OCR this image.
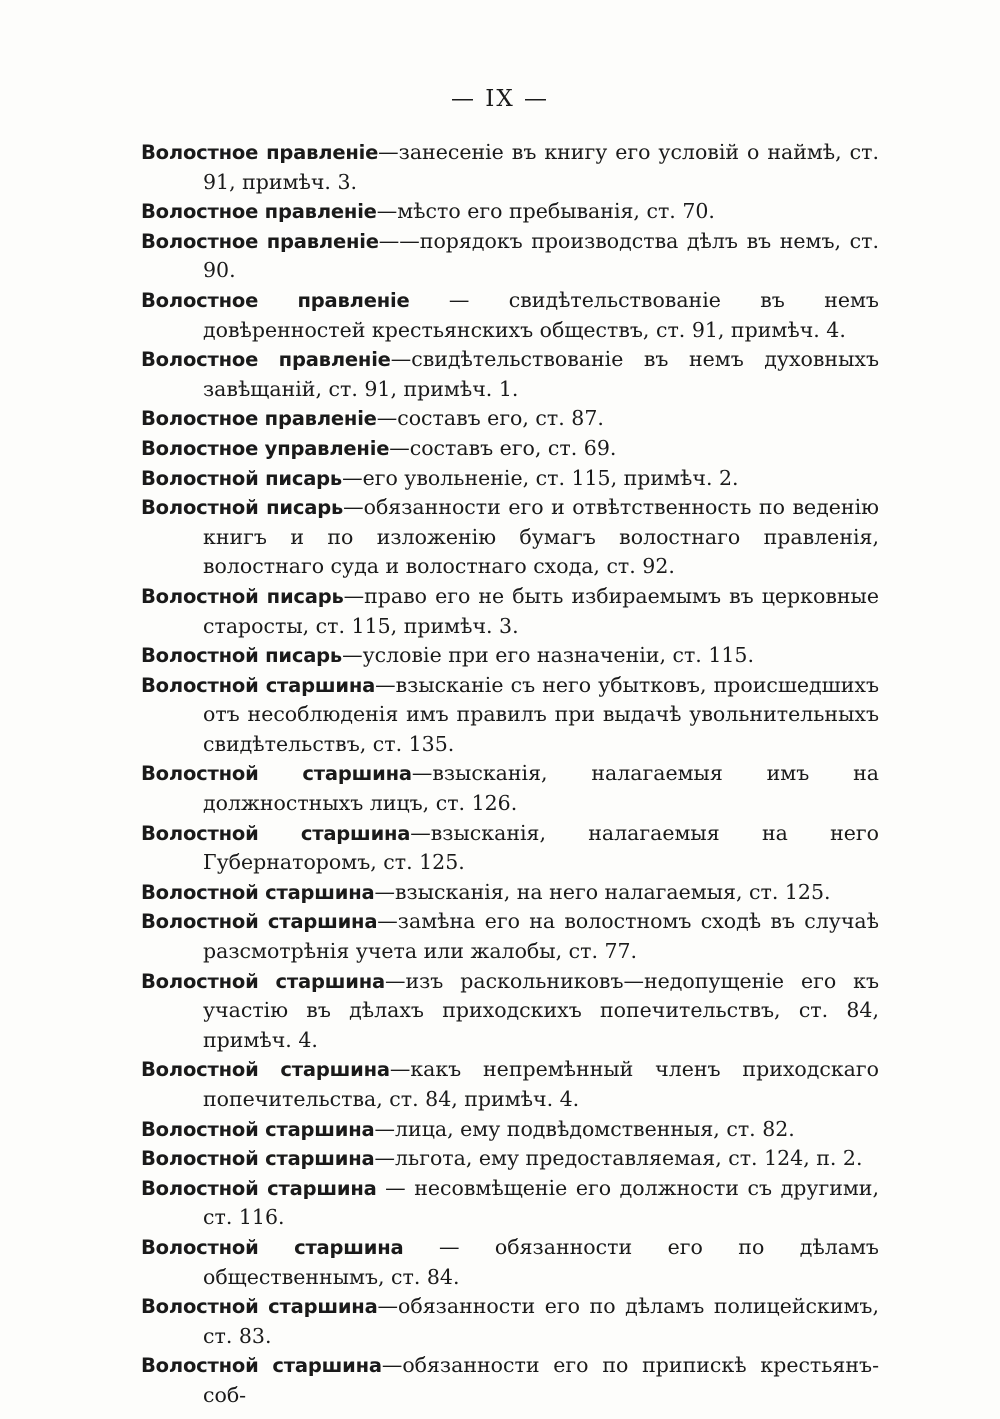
— IX —
Волостное правленіе—занесеніе въ книгу его условій о наймѣ, ст. 91, примѣч. 3.
Волостное правленіе—мѣсто его пребыванія, ст. 70.
Волостное правленіе——порядокъ производства дѣлъ въ немъ, ст. 90.
Волостное правленіе — свидѣтельствованіе въ немъ довѣренностей крестьянскихъ обществъ, ст. 91, примѣч. 4.
Волостное правленіе—свидѣтельствованіе въ немъ духовныхъ завѣщаній, ст. 91, примѣч. 1.
Волостное правленіе—составъ его, ст. 87.
Волостное управленіе—составъ его, ст. 69.
Волостной писарь—его увольненіе, ст. 115, примѣч. 2.
Волостной писарь—обязанности его и отвѣтственность по веденію книгъ и по изложенію бумагъ волостнаго правленія, волостнаго суда и волостнаго схода, ст. 92.
Волостной писарь—право его не быть избираемымъ въ церковные старосты, ст. 115, примѣч. 3.
Волостной писарь—условіе при его назначеніи, ст. 115.
Волостной старшина—взысканіе съ него убытковъ, происшедшихъ отъ несоблюденія имъ правилъ при выдачѣ увольнительныхъ свидѣтельствъ, ст. 135.
Волостной старшина—взысканія, налагаемыя имъ на должностныхъ лицъ, ст. 126.
Волостной старшина—взысканія, налагаемыя на него Губернаторомъ, ст. 125.
Волостной старшина—взысканія, на него налагаемыя, ст. 125.
Волостной старшина—замѣна его на волостномъ сходѣ въ случаѣ разсмотрѣнія учета или жалобы, ст. 77.
Волостной старшина—изъ раскольниковъ—недопущеніе его къ участію въ дѣлахъ приходскихъ попечительствъ, ст. 84, примѣч. 4.
Волостной старшина—какъ непремѣнный членъ приходскаго попечительства, ст. 84, примѣч. 4.
Волостной старшина—лица, ему подвѣдомственныя, ст. 82.
Волостной старшина—льгота, ему предоставляемая, ст. 124, п. 2.
Волостной старшина — несовмѣщеніе его должности съ другими, ст. 116.
Волостной старшина — обязанности его по дѣламъ общественнымъ, ст. 84.
Волостной старшина—обязанности его по дѣламъ полицейскимъ, ст. 83.
Волостной старшина—обязанности его по припискѣ крестьянъ-соб-
